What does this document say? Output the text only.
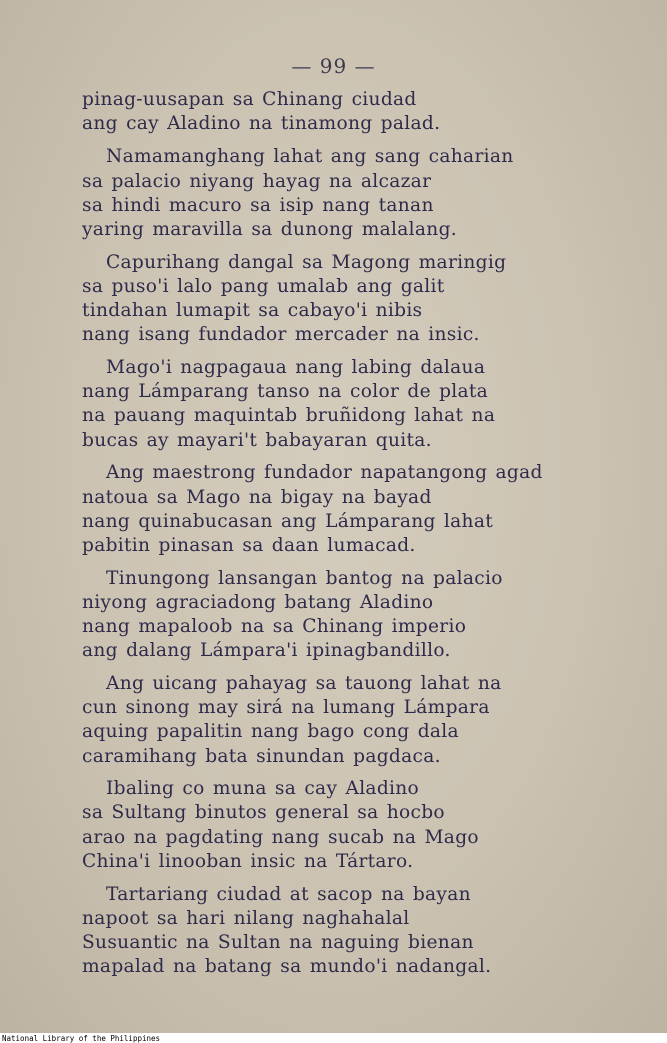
— 99 —
pinag-uusapan sa Chinang ciudad
ang cay Aladino na tinamong palad.
Namamanghang lahat ang sang caharian
sa palacio niyang hayag na alcazar
sa hindi macuro sa isip nang tanan
yaring maravilla sa dunong malalang.
Capurihang dangal sa Magong maringig
sa puso'i lalo pang umalab ang galit
tindahan lumapit sa cabayo'i nibis
nang isang fundador mercader na insic.
Mago'i nagpagaua nang labing dalaua
nang Lámparang tanso na color de plata
na pauang maquintab bruñidong lahat na
bucas ay mayari't babayaran quita.
Ang maestrong fundador napatangong agad
natoua sa Mago na bigay na bayad
nang quinabucasan ang Lámparang lahat
pabitin pinasan sa daan lumacad.
Tinungong lansangan bantog na palacio
niyong agraciadong batang Aladino
nang mapaloob na sa Chinang imperio
ang dalang Lámpara'i ipinagbandillo.
Ang uicang pahayag sa tauong lahat na
cun sinong may sirá na lumang Lámpara
aquing papalitin nang bago cong dala
caramihang bata sinundan pagdaca.
Ibaling co muna sa cay Aladino
sa Sultang binutos general sa hocbo
arao na pagdating nang sucab na Mago
China'i linooban insic na Tártaro.
Tartariang ciudad at sacop na bayan
napoot sa hari nilang naghahalal
Susuantic na Sultan na naguing bienan
mapalad na batang sa mundo'i nadangal.
National Library of the Philippines
